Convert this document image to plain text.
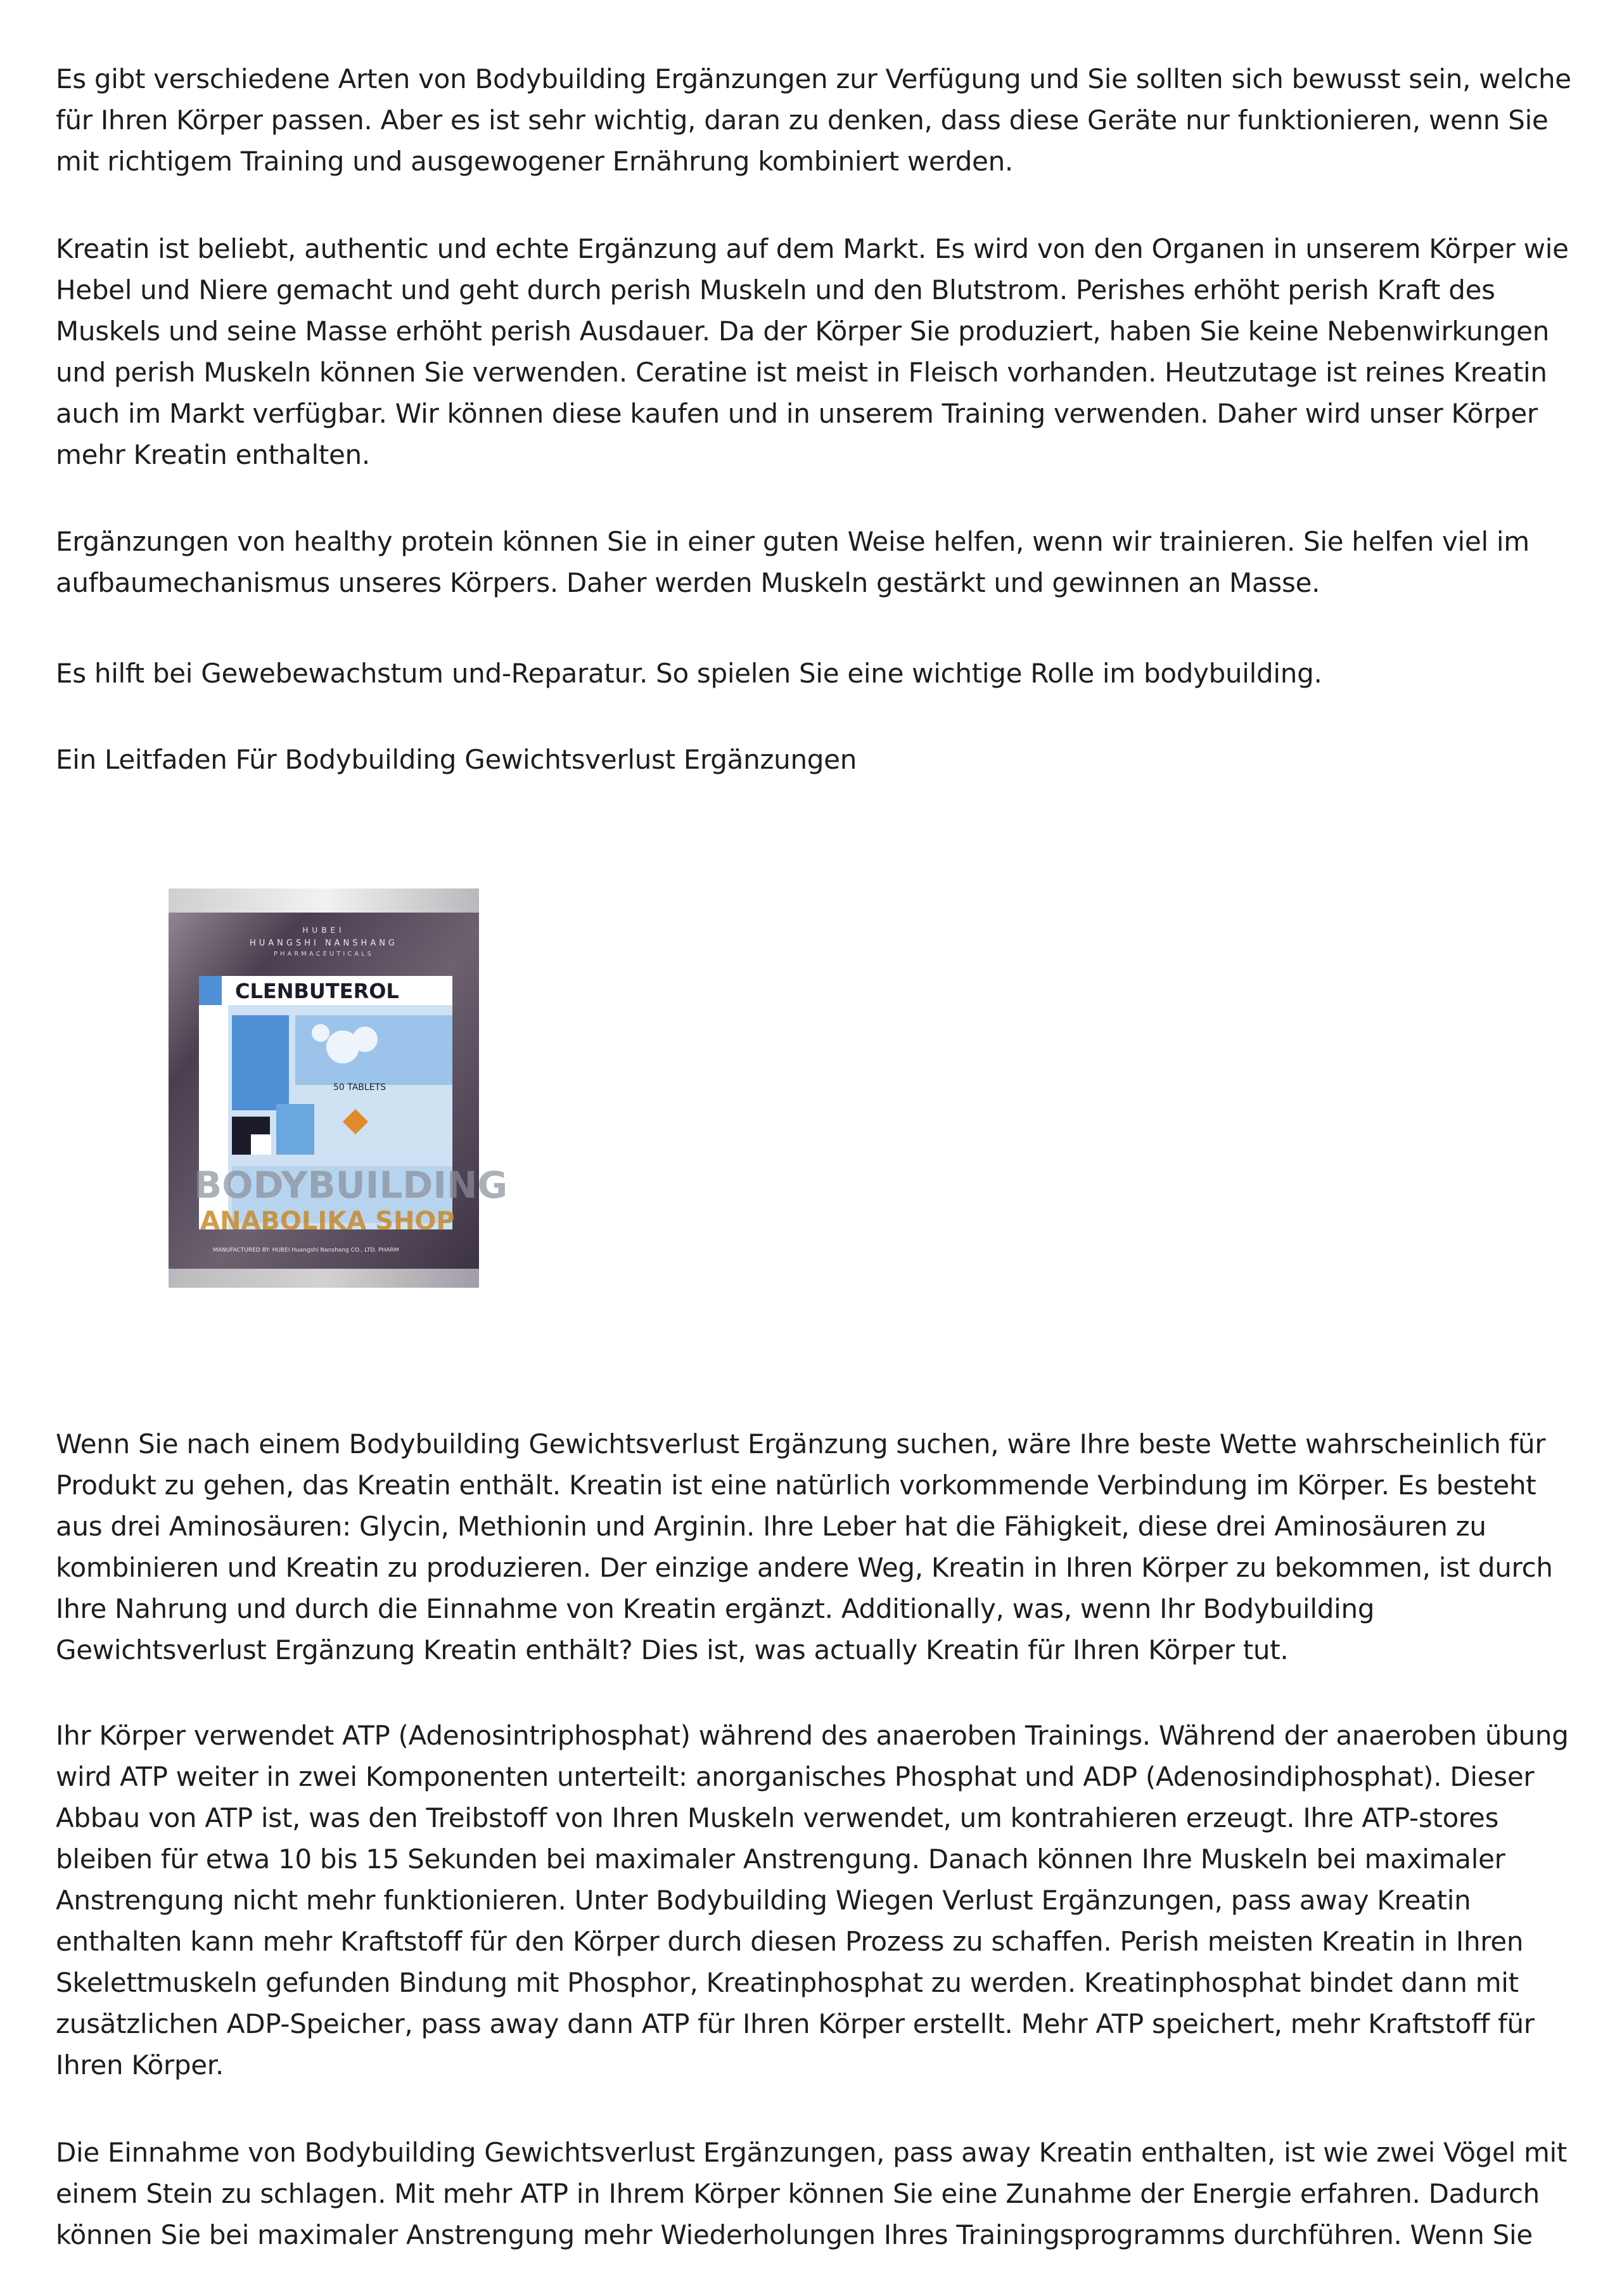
Es gibt verschiedene Arten von Bodybuilding Ergänzungen zur Verfügung und Sie sollten sich bewusst sein, welche für Ihren Körper passen. Aber es ist sehr wichtig, daran zu denken, dass diese Geräte nur funktionieren, wenn Sie mit richtigem Training und ausgewogener Ernährung kombiniert werden.

Kreatin ist beliebt, authentic und echte Ergänzung auf dem Markt. Es wird von den Organen in unserem Körper wie Hebel und Niere gemacht und geht durch perish Muskeln und den Blutstrom. Perishes erhöht perish Kraft des Muskels und seine Masse erhöht perish Ausdauer. Da der Körper Sie produziert, haben Sie keine Nebenwirkungen und perish Muskeln können Sie verwenden. Ceratine ist meist in Fleisch vorhanden. Heutzutage ist reines Kreatin auch im Markt verfügbar. Wir können diese kaufen und in unserem Training verwenden. Daher wird unser Körper mehr Kreatin enthalten.

Ergänzungen von healthy protein können Sie in einer guten Weise helfen, wenn wir trainieren. Sie helfen viel im aufbaumechanismus unseres Körpers. Daher werden Muskeln gestärkt und gewinnen an Masse.

Es hilft bei Gewebewachstum und-Reparatur. So spielen Sie eine wichtige Rolle im bodybuilding.

Ein Leitfaden Für Bodybuilding Gewichtsverlust Ergänzungen

HUBEI
HUANGSHI NANSHANG
PHARMACEUTICALS
CLENBUTEROL
50 TABLETS
BODYBUILDING
ANABOLIKA SHOP
MANUFACTURED BY: HUBEI Huangshi Nanshang CO., LTD. PHARM

Wenn Sie nach einem Bodybuilding Gewichtsverlust Ergänzung suchen, wäre Ihre beste Wette wahrscheinlich für Produkt zu gehen, das Kreatin enthält. Kreatin ist eine natürlich vorkommende Verbindung im Körper. Es besteht aus drei Aminosäuren: Glycin, Methionin und Arginin. Ihre Leber hat die Fähigkeit, diese drei Aminosäuren zu kombinieren und Kreatin zu produzieren. Der einzige andere Weg, Kreatin in Ihren Körper zu bekommen, ist durch Ihre Nahrung und durch die Einnahme von Kreatin ergänzt. Additionally, was, wenn Ihr Bodybuilding Gewichtsverlust Ergänzung Kreatin enthält? Dies ist, was actually Kreatin für Ihren Körper tut.

Ihr Körper verwendet ATP (Adenosintriphosphat) während des anaeroben Trainings. Während der anaeroben übung wird ATP weiter in zwei Komponenten unterteilt: anorganisches Phosphat und ADP (Adenosindiphosphat). Dieser Abbau von ATP ist, was den Treibstoff von Ihren Muskeln verwendet, um kontrahieren erzeugt. Ihre ATP-stores bleiben für etwa 10 bis 15 Sekunden bei maximaler Anstrengung. Danach können Ihre Muskeln bei maximaler Anstrengung nicht mehr funktionieren. Unter Bodybuilding Wiegen Verlust Ergänzungen, pass away Kreatin enthalten kann mehr Kraftstoff für den Körper durch diesen Prozess zu schaffen. Perish meisten Kreatin in Ihren Skelettmuskeln gefunden Bindung mit Phosphor, Kreatinphosphat zu werden. Kreatinphosphat bindet dann mit zusätzlichen ADP-Speicher, pass away dann ATP für Ihren Körper erstellt. Mehr ATP speichert, mehr Kraftstoff für Ihren Körper.

Die Einnahme von Bodybuilding Gewichtsverlust Ergänzungen, pass away Kreatin enthalten, ist wie zwei Vögel mit einem Stein zu schlagen. Mit mehr ATP in Ihrem Körper können Sie eine Zunahme der Energie erfahren. Dadurch können Sie bei maximaler Anstrengung mehr Wiederholungen Ihres Trainingsprogramms durchführen. Wenn Sie
